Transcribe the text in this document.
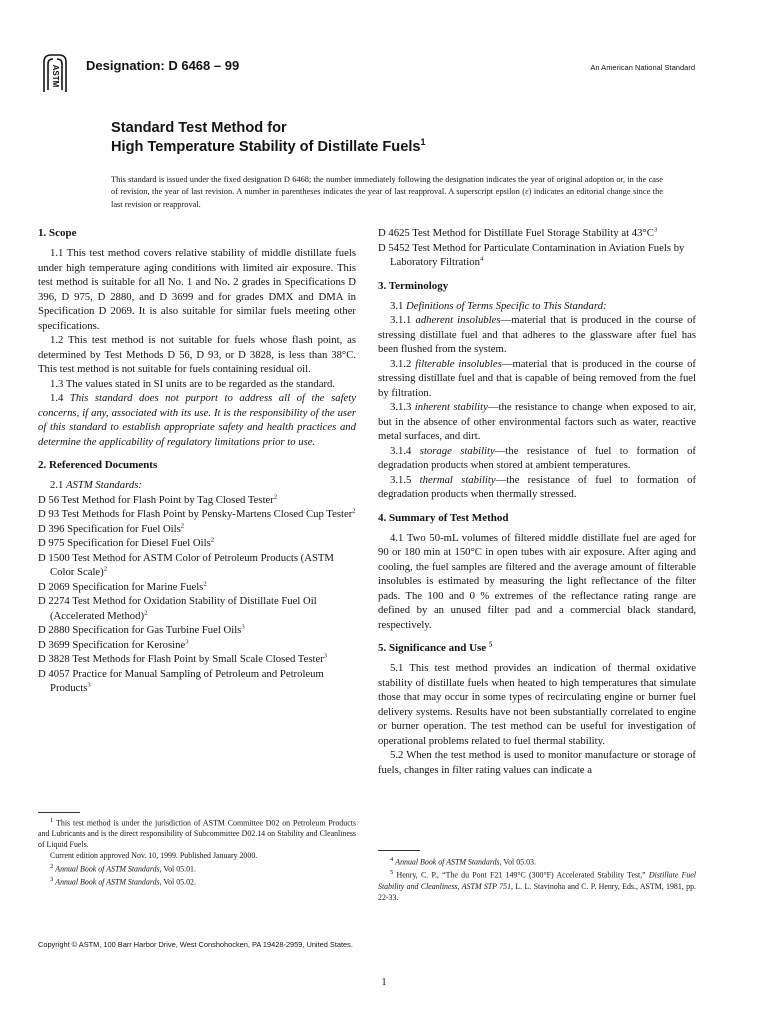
ASTM Designation: D 6468 – 99	An American National Standard
Standard Test Method for
High Temperature Stability of Distillate Fuels$^1$
This standard is issued under the fixed designation D 6468; the number immediately following the designation indicates the year of original adoption or, in the case of revision, the year of last revision. A number in parentheses indicates the year of last reapproval. A superscript epsilon (ε) indicates an editorial change since the last revision or reapproval.
1. Scope

1.1 This test method covers relative stability of middle distillate fuels under high temperature aging conditions with limited air exposure. This test method is suitable for all No. 1 and No. 2 grades in Specifications D 396, D 975, D 2880, and D 3699 and for grades DMX and DMA in Specification D 2069. It is also suitable for similar fuels meeting other specifications.

1.2 This test method is not suitable for fuels whose flash point, as determined by Test Methods D 56, D 93, or D 3828, is less than 38°C. This test method is not suitable for fuels containing residual oil.

1.3 The values stated in SI units are to be regarded as the standard.

1.4 This standard does not purport to address all of the safety concerns, if any, associated with its use. It is the responsibility of the user of this standard to establish appropriate safety and health practices and determine the applicability of regulatory limitations prior to use.

2. Referenced Documents

2.1 ASTM Standards:

D 56 Test Method for Flash Point by Tag Closed Tester$^2$

D 93 Test Methods for Flash Point by Pensky-Martens Closed Cup Tester$^2$

D 396 Specification for Fuel Oils$^2$

D 975 Specification for Diesel Fuel Oils$^2$

D 1500 Test Method for ASTM Color of Petroleum Products (ASTM Color Scale)$^2$

D 2069 Specification for Marine Fuels$^2$

D 2274 Test Method for Oxidation Stability of Distillate Fuel Oil (Accelerated Method)$^2$

D 2880 Specification for Gas Turbine Fuel Oils$^3$

D 3699 Specification for Kerosine$^3$

D 3828 Test Methods for Flash Point by Small Scale Closed Tester$^3$

D 4057 Practice for Manual Sampling of Petroleum and Petroleum Products$^3$

D 4625 Test Method for Distillate Fuel Storage Stability at $43^\circ C^3$

D 5452 Test Method for Particulate Contamination in Aviation Fuels by Laboratory Filtration$^4$

3. Terminology

3.1 Definitions of Terms Specific to This Standard:

3.1.1 adherent insolubles—material that is produced in the course of stressing distillate fuel and that adheres to the glassware after fuel has been flushed from the system.

3.1.2 filterable insolubles—material that is produced in the course of stressing distillate fuel and that is capable of being removed from the fuel by filtration.

3.1.3 inherent stability—the resistance to change when exposed to air, but in the absence of other environmental factors such as water, reactive metal surfaces, and dirt.

3.1.4 storage stability—the resistance of fuel to formation of degradation products when stored at ambient temperatures.

3.1.5 thermal stability—the resistance of fuel to formation of degradation products when thermally stressed.

4. Summary of Test Method

4.1 Two 50-mL volumes of filtered middle distillate fuel are aged for 90 or 180 min at 150°C in open tubes with air exposure. After aging and cooling, the fuel samples are filtered and the average amount of filterable insolubles is estimated by measuring the light reflectance of the filter pads. The 100 and 0 % extremes of the reflectance rating range are defined by an unused filter pad and a commercial black standard, respectively.

5. Significance and Use $^5$

5.1 This test method provides an indication of thermal oxidative stability of distillate fuels when heated to high temperatures that simulate those that may occur in some types of recirculating engine or burner fuel delivery systems. Results have not been substantially correlated to engine or burner operation. The test method can be useful for investigation of operational problems related to fuel thermal stability.

5.2 When the test method is used to monitor manufacture or storage of fuels, changes in filter rating values can indicate a

$^1$ This test method is under the jurisdiction of ASTM Committee D02 on Petroleum Products and Lubricants and is the direct responsibility of Subcommittee D02.14 on Stability and Cleanliness of Liquid Fuels.

Current edition approved Nov. 10, 1999. Published January 2000.

$^2$ Annual Book of ASTM Standards, Vol 05.01.

$^3$ Annual Book of ASTM Standards, Vol 05.02.

$^4$ Annual Book of ASTM Standards, Vol 05.03.

$^5$ Henry, C. P., “The du Pont F21 149°C (300°F) Accelerated Stability Test,” Distillate Fuel Stability and Cleanliness, ASTM STP 751, L. L. Stavinoha and C. P. Henry, Eds., ASTM, 1981, pp. 22-33.

Copyright © ASTM, 100 Barr Harbor Drive, West Conshohocken, PA 19428-2959, United States.
1
